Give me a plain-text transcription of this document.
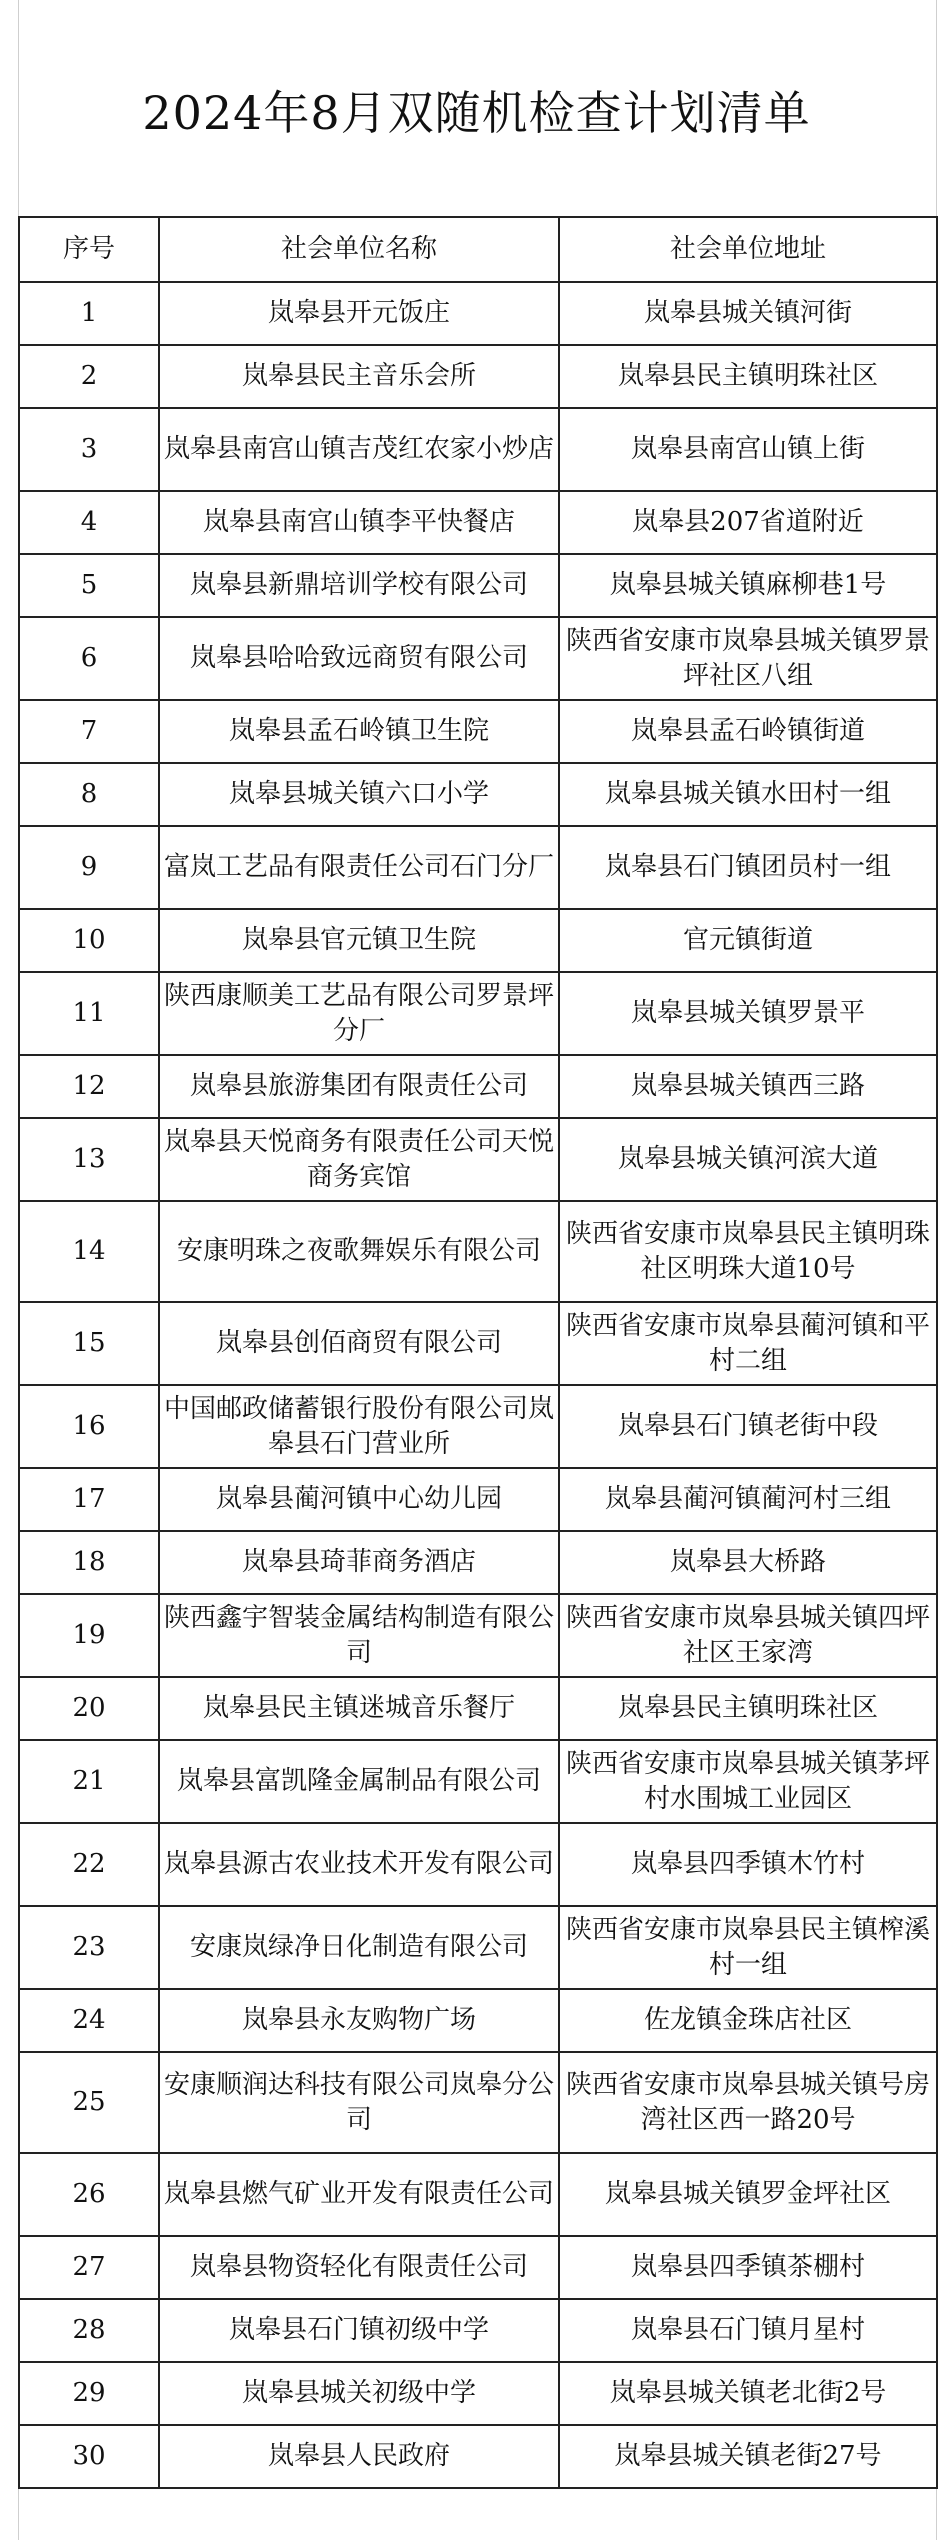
2024年8月双随机检查计划清单
序号	社会单位名称	社会单位地址
1	岚皋县开元饭庄	岚皋县城关镇河街
2	岚皋县民主音乐会所	岚皋县民主镇明珠社区
3	岚皋县南宫山镇吉茂红农家小炒店	岚皋县南宫山镇上街
4	岚皋县南宫山镇李平快餐店	岚皋县207省道附近
5	岚皋县新鼎培训学校有限公司	岚皋县城关镇麻柳巷1号
6	岚皋县哈哈致远商贸有限公司	陕西省安康市岚皋县城关镇罗景坪社区八组
7	岚皋县孟石岭镇卫生院	岚皋县孟石岭镇街道
8	岚皋县城关镇六口小学	岚皋县城关镇水田村一组
9	富岚工艺品有限责任公司石门分厂	岚皋县石门镇团员村一组
10	岚皋县官元镇卫生院	官元镇街道
11	陕西康顺美工艺品有限公司罗景坪分厂	岚皋县城关镇罗景平
12	岚皋县旅游集团有限责任公司	岚皋县城关镇西三路
13	岚皋县天悦商务有限责任公司天悦商务宾馆	岚皋县城关镇河滨大道
14	安康明珠之夜歌舞娱乐有限公司	陕西省安康市岚皋县民主镇明珠社区明珠大道10号
15	岚皋县创佰商贸有限公司	陕西省安康市岚皋县蔺河镇和平村二组
16	中国邮政储蓄银行股份有限公司岚皋县石门营业所	岚皋县石门镇老街中段
17	岚皋县蔺河镇中心幼儿园	岚皋县蔺河镇蔺河村三组
18	岚皋县琦菲商务酒店	岚皋县大桥路
19	陕西鑫宇智装金属结构制造有限公司	陕西省安康市岚皋县城关镇四坪社区王家湾
20	岚皋县民主镇迷城音乐餐厅	岚皋县民主镇明珠社区
21	岚皋县富凯隆金属制品有限公司	陕西省安康市岚皋县城关镇茅坪村水围城工业园区
22	岚皋县源古农业技术开发有限公司	岚皋县四季镇木竹村
23	安康岚绿净日化制造有限公司	陕西省安康市岚皋县民主镇榨溪村一组
24	岚皋县永友购物广场	佐龙镇金珠店社区
25	安康顺润达科技有限公司岚皋分公司	陕西省安康市岚皋县城关镇号房湾社区西一路20号
26	岚皋县燃气矿业开发有限责任公司	岚皋县城关镇罗金坪社区
27	岚皋县物资轻化有限责任公司	岚皋县四季镇茶棚村
28	岚皋县石门镇初级中学	岚皋县石门镇月星村
29	岚皋县城关初级中学	岚皋县城关镇老北街2号
30	岚皋县人民政府	岚皋县城关镇老街27号
